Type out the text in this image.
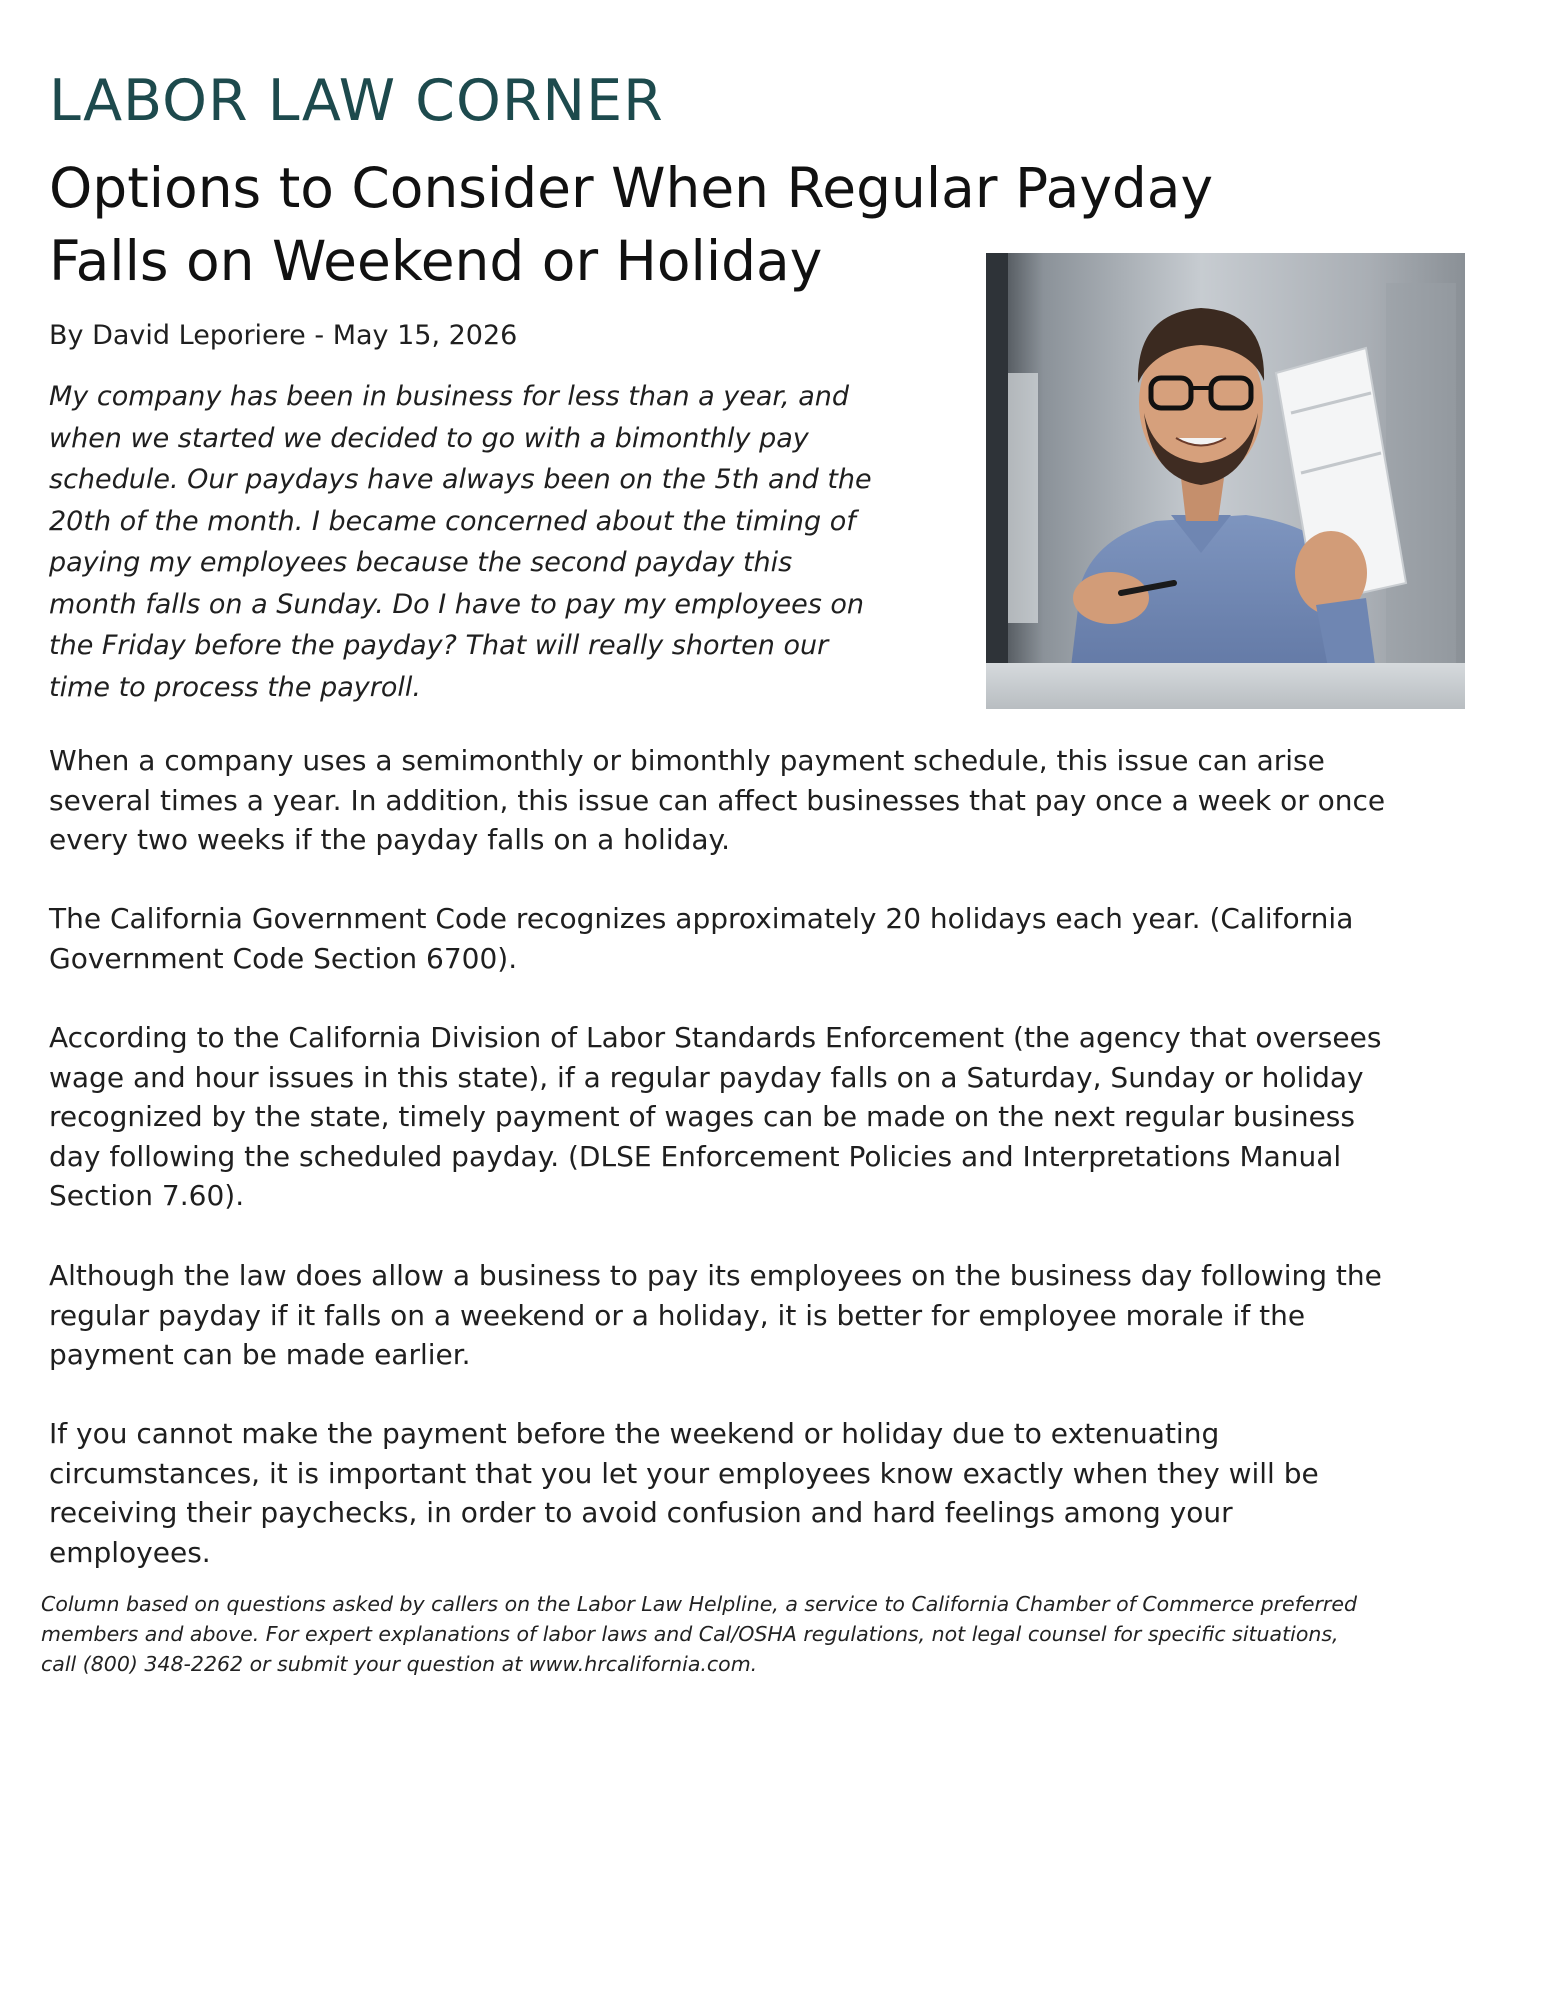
LABOR LAW CORNER
Options to Consider When Regular Payday
Falls on Weekend or Holiday

By David Leporiere - May 15, 2026

My company has been in business for less than a year, and
when we started we decided to go with a bimonthly pay
schedule. Our paydays have always been on the 5th and the
20th of the month. I became concerned about the timing of
paying my employees because the second payday this
month falls on a Sunday. Do I have to pay my employees on
the Friday before the payday? That will really shorten our
time to process the payroll.

When a company uses a semimonthly or bimonthly payment schedule, this issue can arise
several times a year. In addition, this issue can affect businesses that pay once a week or once
every two weeks if the payday falls on a holiday.

The California Government Code recognizes approximately 20 holidays each year. (California
Government Code Section 6700).

According to the California Division of Labor Standards Enforcement (the agency that oversees
wage and hour issues in this state), if a regular payday falls on a Saturday, Sunday or holiday
recognized by the state, timely payment of wages can be made on the next regular business
day following the scheduled payday. (DLSE Enforcement Policies and Interpretations Manual
Section 7.60).

Although the law does allow a business to pay its employees on the business day following the
regular payday if it falls on a weekend or a holiday, it is better for employee morale if the
payment can be made earlier.

If you cannot make the payment before the weekend or holiday due to extenuating
circumstances, it is important that you let your employees know exactly when they will be
receiving their paychecks, in order to avoid confusion and hard feelings among your
employees.

Column based on questions asked by callers on the Labor Law Helpline, a service to California Chamber of Commerce preferred
members and above. For expert explanations of labor laws and Cal/OSHA regulations, not legal counsel for specific situations,
call (800) 348-2262 or submit your question at www.hrcalifornia.com.
